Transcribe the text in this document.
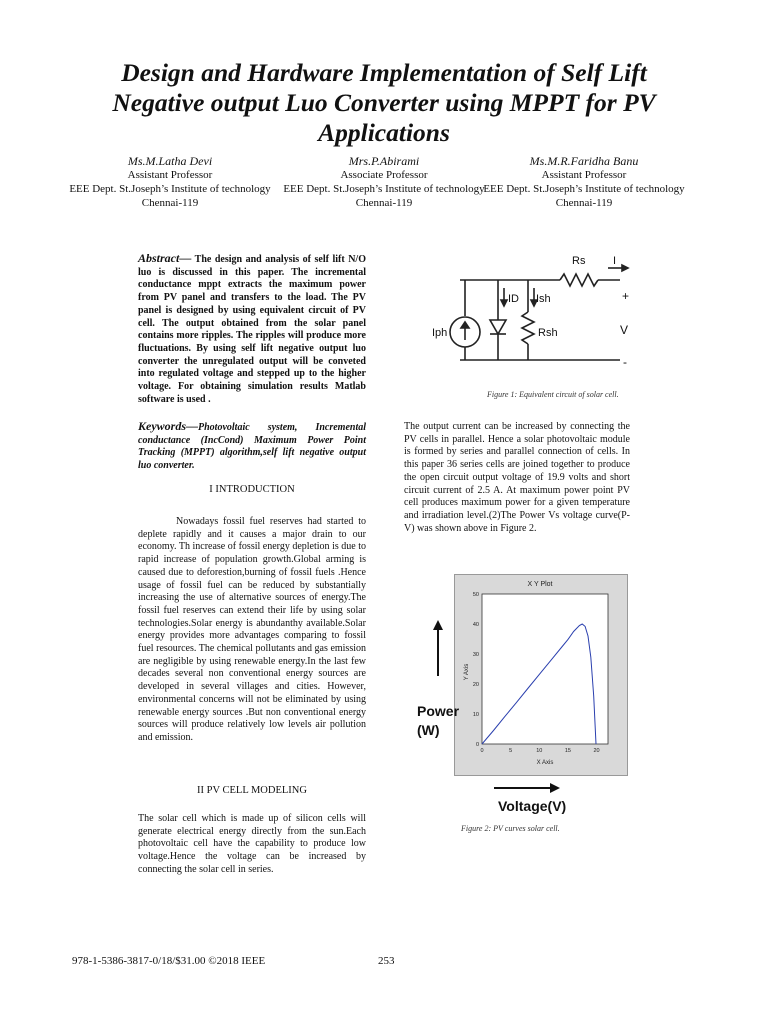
Design and Hardware Implementation of Self Lift
Negative output Luo Converter using MPPT for PV
Applications
Ms.M.Latha Devi
Assistant Professor
EEE Dept. St.Joseph’s Institute of technology
Chennai-119
Mrs.P.Abirami
Associate Professor
EEE Dept. St.Joseph’s Institute of technology
Chennai-119
Ms.M.R.Faridha Banu
Assistant Professor
EEE Dept. St.Joseph’s Institute of technology
Chennai-119
Abstract— The design and analysis of self lift N/O luo is discussed in this paper. The incremental conductance mppt extracts the maximum power from PV panel and transfers to the load. The PV panel is designed by using equivalent circuit of PV cell. The output obtained from the solar panel contains more ripples. The ripples will produce more fluctuations. By using self lift negative output luo converter the unregulated output will be conveted into regulated voltage and stepped up to the higher voltage. For obtaining simulation results Matlab software is used .
Keywords—Photovoltaic system, Incremental conductance (IncCond) Maximum Power Point Tracking (MPPT) algorithm,self lift negative output luo converter.
I INTRODUCTION

Nowadays fossil fuel reserves had started to deplete rapidly and it causes a major drain to our economy. Th increase of fossil energy depletion is due to rapid increase of population growth.Global arming is caused due to deforestion,burning of fossil fuels .Hence usage of fossil fuel can be reduced by substantially increasing the use of alternative sources of energy.The fossil fuel reserves can extend their life by using solar technologies.Solar energy is abundanthy available.Solar energy provides more advantages comparing to fossil fuel resources. The chemical pollutants and gas emission are negligible by using renewable energy.In the last few decades several non conventional energy sources are developed in several villages and cities. However, environmental concerns will not be eliminated by using renewable energy sources .But non conventional energy sources will produce relatively low levels air pollution and emission.

II PV CELL MODELING

The solar cell which is made up of silicon cells will generate electrical energy directly from the sun.Each photovoltaic cell have the capability to produce low voltage.Hence the voltage can be increased by connecting the solar cell in series.

Iph
ID Ish
Rsh
Rs	I
+
V
-
Figure 1: Equivalent circuit of solar cell.

The output current can be increased by connecting the PV cells in parallel. Hence a solar photovoltaic module is formed by series and parallel connection of cells. In this paper 36 series cells are joined together to produce the open circuit output voltage of 19.9 volts and short circuit current of 2.5 A. At maximum power point PV cell produces maximum power for a given temperature and irradiation level.(2)The Power Vs voltage curve(P-V) was shown above in Figure 2.

X Y Plot
0	5	10	15	20
0
10
20
30
40
50
X Axis
Y Axis
Power
(W)
Voltage(V)
Figure 2: PV curves solar cell.
978-1-5386-3817-0/18/$31.00 ©2018 IEEE	253
